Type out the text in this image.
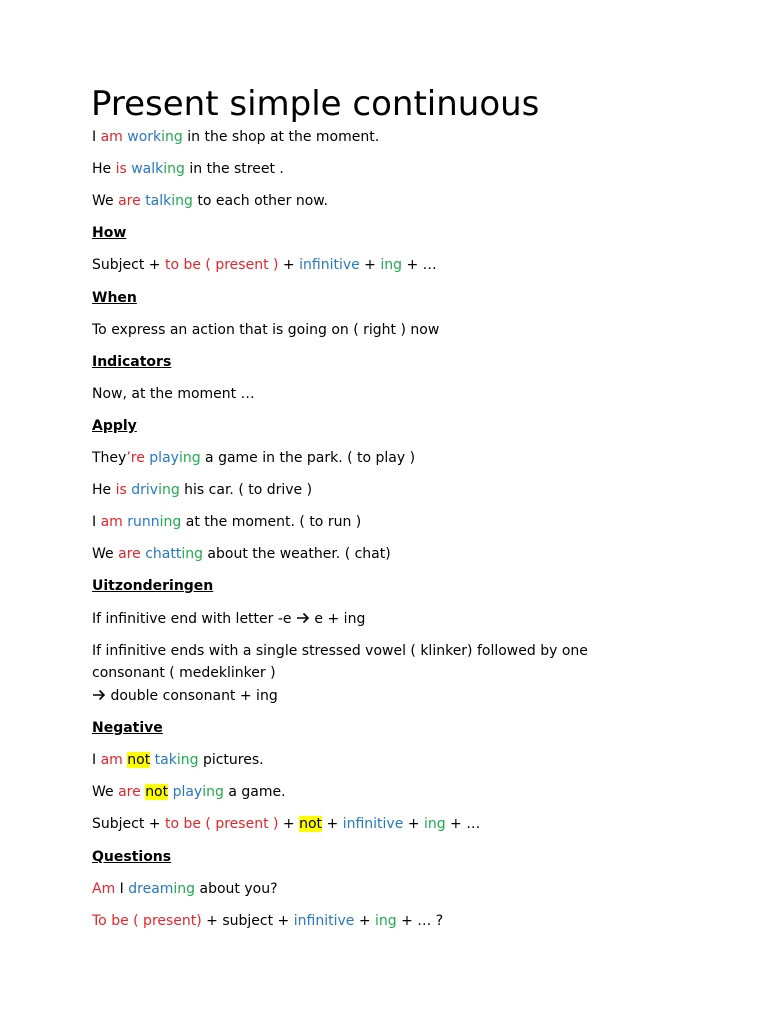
Present simple continuous
I am working in the shop at the moment.
He is walking in the street .
We are talking to each other now.
How
Subject + to be ( present ) + infinitive + ing + …
When
To express an action that is going on ( right ) now
Indicators
Now, at the moment …
Apply
They’re playing a game in the park. ( to play )
He is driving his car. ( to drive )
I am running at the moment. ( to run )
We are chatting about the weather. ( chat)
Uitzonderingen
If infinitive end with letter -e  e + ing
If infinitive ends with a single stressed vowel ( klinker) followed by one
consonant ( medeklinker )
double consonant + ing
Negative
I am not taking pictures.
We are not playing a game.
Subject + to be ( present ) + not + infinitive + ing + …
Questions
Am I dreaming about you?
To be ( present) + subject + infinitive + ing + … ?
